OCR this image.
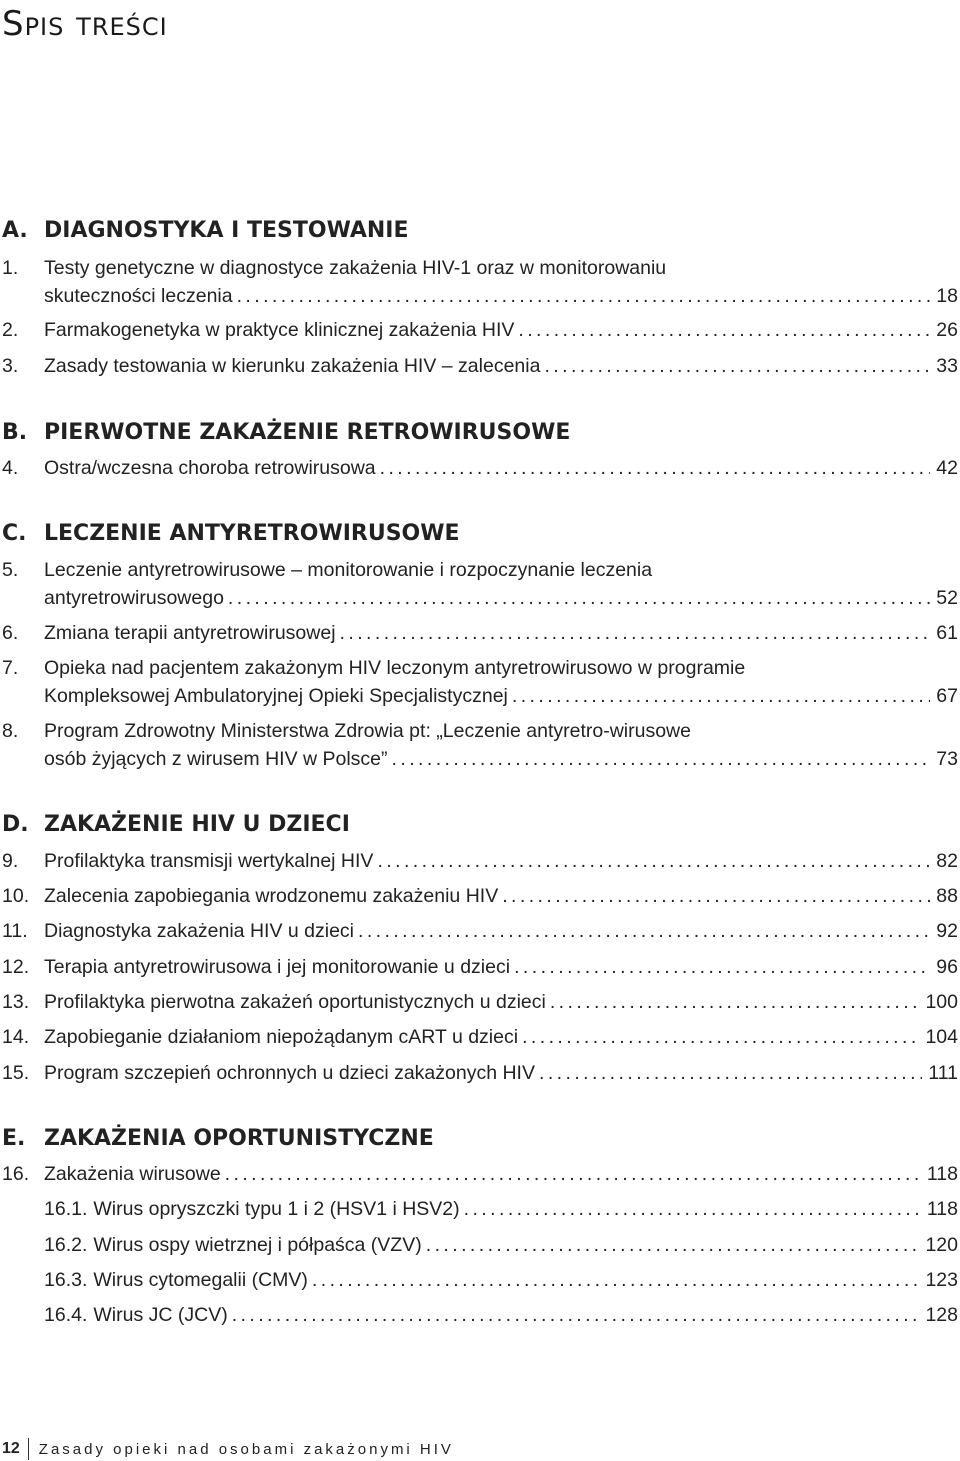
Spis treści
A. DIAGNOSTYKA I TESTOWANIE
1.	Testy genetyczne w diagnostyce zakażenia HIV-1 oraz w monitorowaniu
skuteczności leczenia . . .	18
2.	Farmakogenetyka w praktyce klinicznej zakażenia HIV . . .	26
3.	Zasady testowania w kierunku zakażenia HIV – zalecenia . . .	33
B. PIERWOTNE ZAKAŻENIE RETROWIRUSOWE
4.	Ostra/wczesna choroba retrowirusowa . . .	42
C. LECZENIE ANTYRETROWIRUSOWE
5.	Leczenie antyretrowirusowe – monitorowanie i rozpoczynanie leczenia
antyretrowirusowego . . .	52
6.	Zmiana terapii antyretrowirusowej . . .	61
7.	Opieka nad pacjentem zakażonym HIV leczonym antyretrowirusowo w programie
Kompleksowej Ambulatoryjnej Opieki Specjalistycznej . . .	67
8.	Program Zdrowotny Ministerstwa Zdrowia pt: „Leczenie antyretro-wirusowe
osób żyjących z wirusem HIV w Polsce” . . .	73
D. ZAKAŻENIE HIV U DZIECI
9.	Profilaktyka transmisji wertykalnej HIV . . .	82
10. Zalecenia zapobiegania wrodzonemu zakażeniu HIV . . .	88
11. Diagnostyka zakażenia HIV u dzieci . . .	92
12. Terapia antyretrowirusowa i jej monitorowanie u dzieci . . .	96
13. Profilaktyka pierwotna zakażeń oportunistycznych u dzieci . . .	100
14. Zapobieganie działaniom niepożądanym cART u dzieci . . .	104
15. Program szczepień ochronnych u dzieci zakażonych HIV . . .	111
E. ZAKAŻENIA OPORTUNISTYCZNE
16. Zakażenia wirusowe . . .	118
16.1. Wirus opryszczki typu 1 i 2 (HSV1 i HSV2) . . .	118
16.2. Wirus ospy wietrznej i półpaśca (VZV) . . .	120
16.3. Wirus cytomegalii (CMV) . . .	123
16.4. Wirus JC (JCV) . . .	128
12 Zasady opieki nad osobami zakażonymi HIV
